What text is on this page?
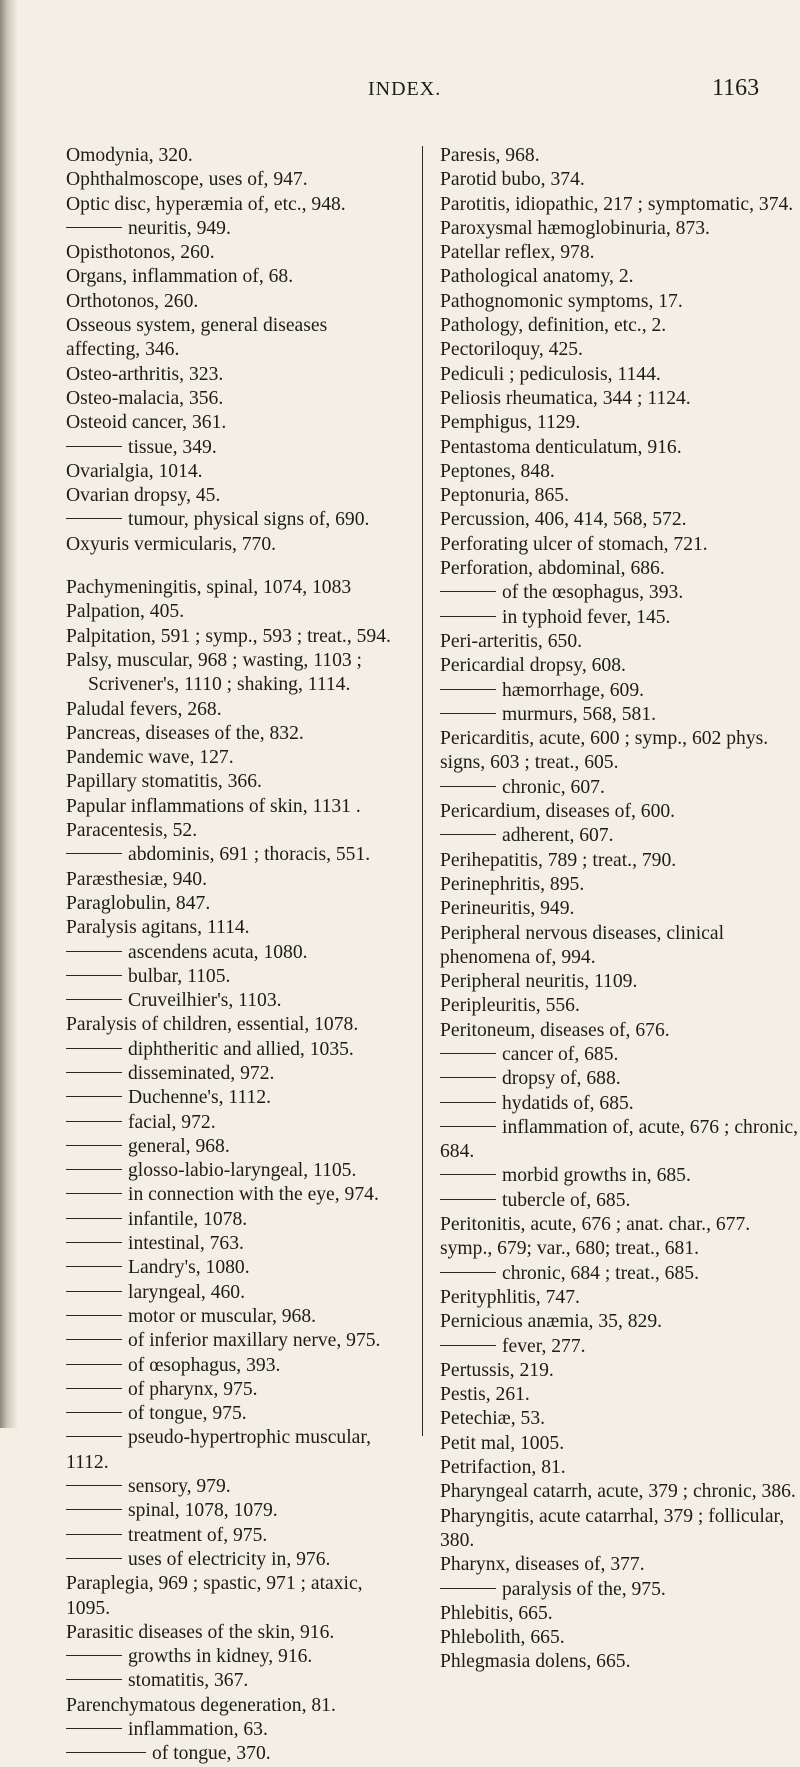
INDEX.	1163
Omodynia, 320.
Ophthalmoscope, uses of, 947.
Optic disc, hyperæmia of, etc., 948.
neuritis, 949.
Opisthotonos, 260.
Organs, inflammation of, 68.
Orthotonos, 260.
Osseous system, general diseases affecting, 346.
Osteo-arthritis, 323.
Osteo-malacia, 356.
Osteoid cancer, 361.
tissue, 349.
Ovarialgia, 1014.
Ovarian dropsy, 45.
tumour, physical signs of, 690.
Oxyuris vermicularis, 770.
Pachymeningitis, spinal, 1074, 1083
Palpation, 405.
Palpitation, 591 ; symp., 593 ; treat., 594.
Palsy, muscular, 968 ; wasting, 1103 ;
Scrivener's, 1110 ; shaking, 1114.
Paludal fevers, 268.
Pancreas, diseases of the, 832.
Pandemic wave, 127.
Papillary stomatitis, 366.
Papular inflammations of skin, 1131 .
Paracentesis, 52.
abdominis, 691 ; thoracis, 551.
Paræsthesiæ, 940.
Paraglobulin, 847.
Paralysis agitans, 1114.
ascendens acuta, 1080.
bulbar, 1105.
Cruveilhier's, 1103.
Paralysis of children, essential, 1078.
diphtheritic and allied, 1035.
disseminated, 972.
Duchenne's, 1112.
facial, 972.
general, 968.
glosso-labio-laryngeal, 1105.
in connection with the eye, 974.
infantile, 1078.
intestinal, 763.
Landry's, 1080.
laryngeal, 460.
motor or muscular, 968.
of inferior maxillary nerve, 975.
of œsophagus, 393.
of pharynx, 975.
of tongue, 975.
pseudo-hypertrophic muscular, 1112.
sensory, 979.
spinal, 1078, 1079.
treatment of, 975.
uses of electricity in, 976.
Paraplegia, 969 ; spastic, 971 ; ataxic, 1095.
Parasitic diseases of the skin, 916.
growths in kidney, 916.
stomatitis, 367.
Parenchymatous degeneration, 81.
inflammation, 63.
of tongue, 370.
Paresis, 968.
Parotid bubo, 374.
Parotitis, idiopathic, 217 ; symptomatic, 374.
Paroxysmal hæmoglobinuria, 873.
Patellar reflex, 978.
Pathological anatomy, 2.
Pathognomonic symptoms, 17.
Pathology, definition, etc., 2.
Pectoriloquy, 425.
Pediculi ; pediculosis, 1144.
Peliosis rheumatica, 344 ; 1124.
Pemphigus, 1129.
Pentastoma denticulatum, 916.
Peptones, 848.
Peptonuria, 865.
Percussion, 406, 414, 568, 572.
Perforating ulcer of stomach, 721.
Perforation, abdominal, 686.
of the œsophagus, 393.
in typhoid fever, 145.
Peri-arteritis, 650.
Pericardial dropsy, 608.
hæmorrhage, 609.
murmurs, 568, 581.
Pericarditis, acute, 600 ; symp., 602 phys. signs, 603 ; treat., 605.
chronic, 607.
Pericardium, diseases of, 600.
adherent, 607.
Perihepatitis, 789 ; treat., 790.
Perinephritis, 895.
Perineuritis, 949.
Peripheral nervous diseases, clinical phenomena of, 994.
Peripheral neuritis, 1109.
Peripleuritis, 556.
Peritoneum, diseases of, 676.
cancer of, 685.
dropsy of, 688.
hydatids of, 685.
inflammation of, acute, 676 ; chronic, 684.
morbid growths in, 685.
tubercle of, 685.
Peritonitis, acute, 676 ; anat. char., 677. symp., 679; var., 680; treat., 681.
chronic, 684 ; treat., 685.
Perityphlitis, 747.
Pernicious anæmia, 35, 829.
fever, 277.
Pertussis, 219.
Pestis, 261.
Petechiæ, 53.
Petit mal, 1005.
Petrifaction, 81.
Pharyngeal catarrh, acute, 379 ; chronic, 386.
Pharyngitis, acute catarrhal, 379 ; follicular, 380.
Pharynx, diseases of, 377.
paralysis of the, 975.
Phlebitis, 665.
Phlebolith, 665.
Phlegmasia dolens, 665.
